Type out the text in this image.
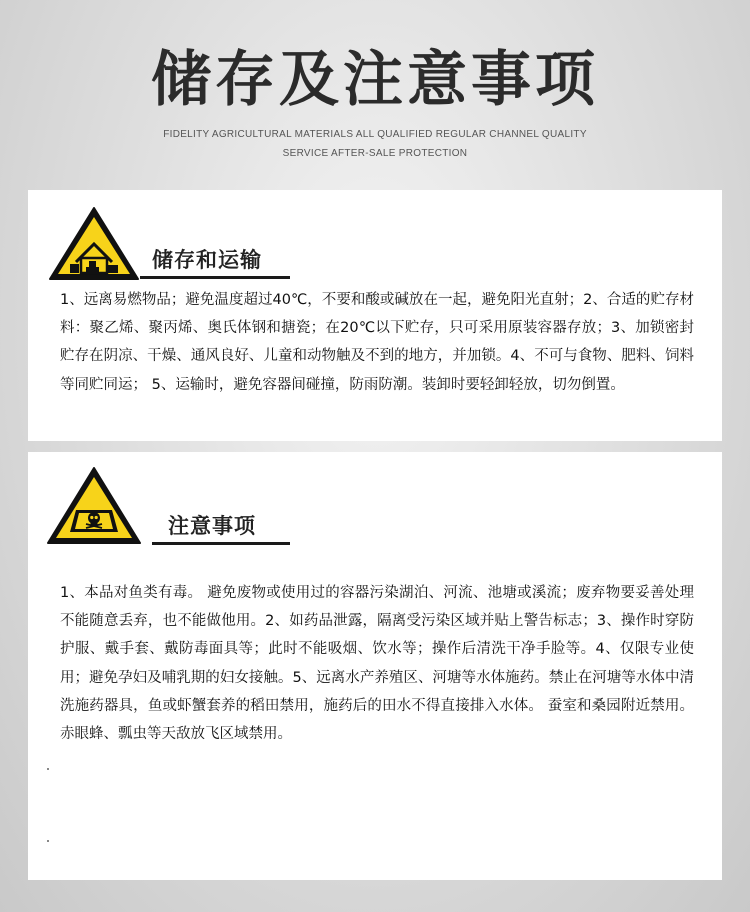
储存及注意事项
FIDELITY AGRICULTURAL MATERIALS ALL QUALIFIED REGULAR CHANNEL QUALITY
SERVICE AFTER-SALE PROTECTION
储存和运输
1、远离易燃物品；避免温度超过40℃，不要和酸或碱放在一起，避免阳光直射；2、合适的贮存材料：聚乙烯、聚丙烯、奥氏体钢和搪瓷；在20℃以下贮存，只可采用原装容器存放；3、加锁密封贮存在阴凉、干燥、通风良好、儿童和动物触及不到的地方，并加锁。4、不可与食物、肥料、饲料等同贮同运； 5、运输时，避免容器间碰撞，防雨防潮。装卸时要轻卸轻放，切勿倒置。
注意事项
1、本品对鱼类有毒。 避免废物或使用过的容器污染湖泊、河流、池塘或溪流；废弃物要妥善处理不能随意丢弃，也不能做他用。2、如药品泄露，隔离受污染区域并贴上警告标志；3、操作时穿防护服、戴手套、戴防毒面具等；此时不能吸烟、饮水等；操作后清洗干净手脸等。4、仅限专业使用；避免孕妇及哺乳期的妇女接触。5、远离水产养殖区、河塘等水体施药。禁止在河塘等水体中清洗施药器具，鱼或虾蟹套养的稻田禁用，施药后的田水不得直接排入水体。 蚕室和桑园附近禁用。赤眼蜂、瓢虫等天敌放飞区域禁用。
